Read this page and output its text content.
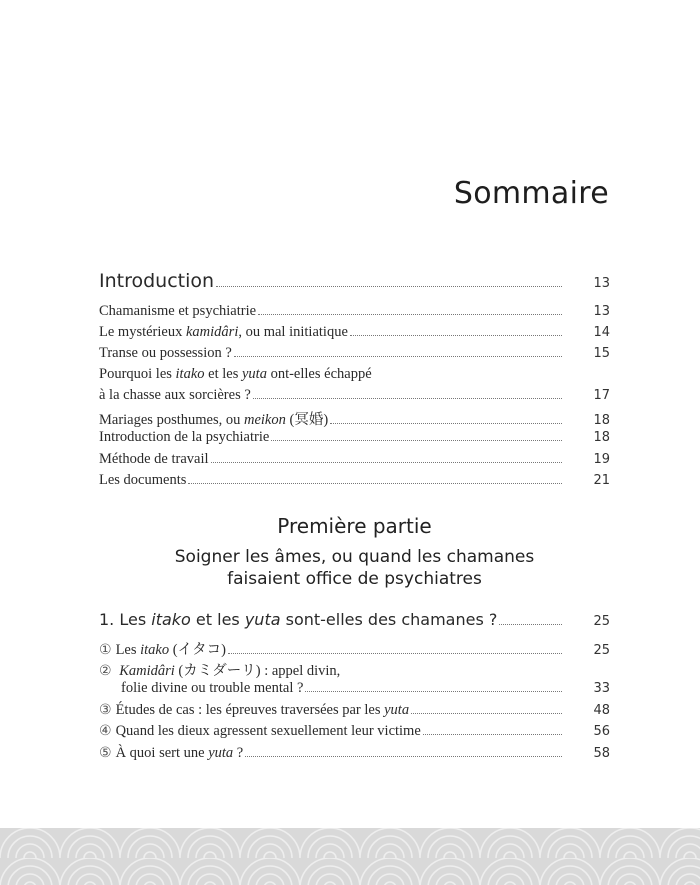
Sommaire
Introduction	13
Chamanisme et psychiatrie	13
Le mystérieux kamidâri, ou mal initiatique	14
Transe ou possession ?	15
Pourquoi les itako et les yuta ont-elles échappé
à la chasse aux sorcières ?	17
Mariages posthumes, ou meikon (冥婚)	18
Introduction de la psychiatrie	18
Méthode de travail	19
Les documents	21
Première partie
Soigner les âmes, ou quand les chamanes
faisaient office de psychiatres
1. Les itako et les yuta sont-elles des chamanes ?	25
① Les itako (イタコ)	25
② Kamidâri (カミダーリ) : appel divin,
folie divine ou trouble mental ?	33
③ Études de cas : les épreuves traversées par les yuta	48
④ Quand les dieux agressent sexuellement leur victime	56
⑤ À quoi sert une yuta ?	58
